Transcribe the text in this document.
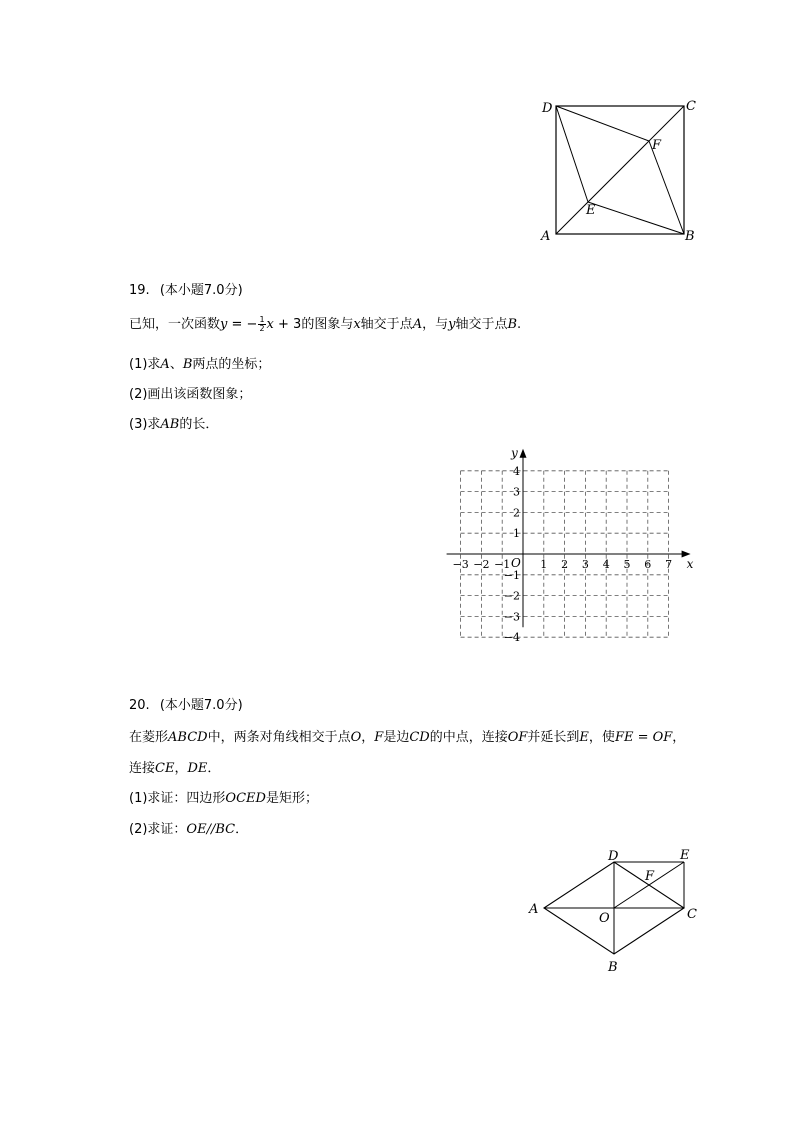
D	C
F
E
A	B
19. (本小题7.0分)
已知，一次函数y = − $\frac{1}{2}$ x + 3的图象与x轴交于点A，与y轴交于点B.
(1)求A、B两点的坐标；
(2)画出该函数图象；
(3)求AB的长．
x
y
O
−3 −2 −1	1 2 3 4 5 6 7
4
3
2
1
−1
−2
−3
−4
20. (本小题7.0分)
在菱形ABCD中，两条对角线相交于点O，F是边CD的中点，连接OF并延长到E，使FE = OF，
连接CE，DE．
(1)求证：四边形OCED是矩形；
(2)求证：OE//BC．
D	E
F
A
O	C
B
